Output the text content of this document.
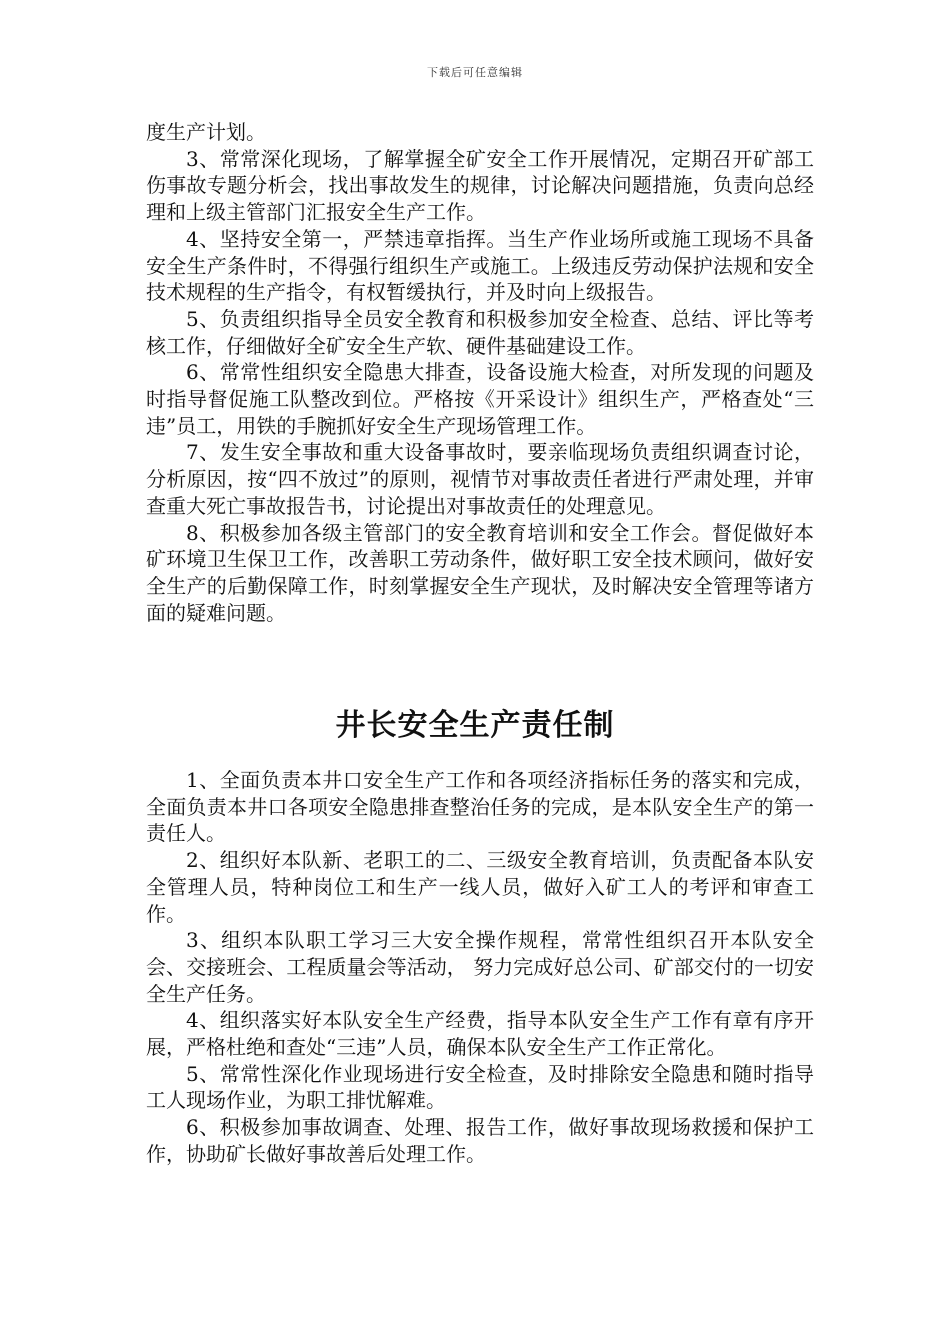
下载后可任意编辑

度生产计划。

3、常常深化现场，了解掌握全矿安全工作开展情况，定期召开矿部工伤事故专题分析会，找出事故发生的规律，讨论解决问题措施，负责向总经理和上级主管部门汇报安全生产工作。

4、坚持安全第一，严禁违章指挥。当生产作业场所或施工现场不具备安全生产条件时，不得强行组织生产或施工。上级违反劳动保护法规和安全技术规程的生产指令，有权暂缓执行，并及时向上级报告。

5、负责组织指导全员安全教育和积极参加安全检查、总结、评比等考核工作，仔细做好全矿安全生产软、硬件基础建设工作。

6、常常性组织安全隐患大排查，设备设施大检查，对所发现的问题及时指导督促施工队整改到位。严格按《开采设计》组织生产，严格查处“三违”员工，用铁的手腕抓好安全生产现场管理工作。

7、发生安全事故和重大设备事故时，要亲临现场负责组织调查讨论，分析原因，按“四不放过”的原则，视情节对事故责任者进行严肃处理，并审查重大死亡事故报告书，讨论提出对事故责任的处理意见。

8、积极参加各级主管部门的安全教育培训和安全工作会。督促做好本矿环境卫生保卫工作，改善职工劳动条件，做好职工安全技术顾问，做好安全生产的后勤保障工作，时刻掌握安全生产现状，及时解决安全管理等诸方面的疑难问题。

井长安全生产责任制

1、全面负责本井口安全生产工作和各项经济指标任务的落实和完成，全面负责本井口各项安全隐患排查整治任务的完成，是本队安全生产的第一责任人。

2、组织好本队新、老职工的二、三级安全教育培训，负责配备本队安全管理人员，特种岗位工和生产一线人员，做好入矿工人的考评和审查工作。

3、组织本队职工学习三大安全操作规程，常常性组织召开本队安全会、交接班会、工程质量会等活动， 努力完成好总公司、矿部交付的一切安全生产任务。

4、组织落实好本队安全生产经费，指导本队安全生产工作有章有序开展，严格杜绝和查处“三违”人员，确保本队安全生产工作正常化。

5、常常性深化作业现场进行安全检查，及时排除安全隐患和随时指导工人现场作业，为职工排忧解难。

6、积极参加事故调查、处理、报告工作，做好事故现场救援和保护工作，协助矿长做好事故善后处理工作。
